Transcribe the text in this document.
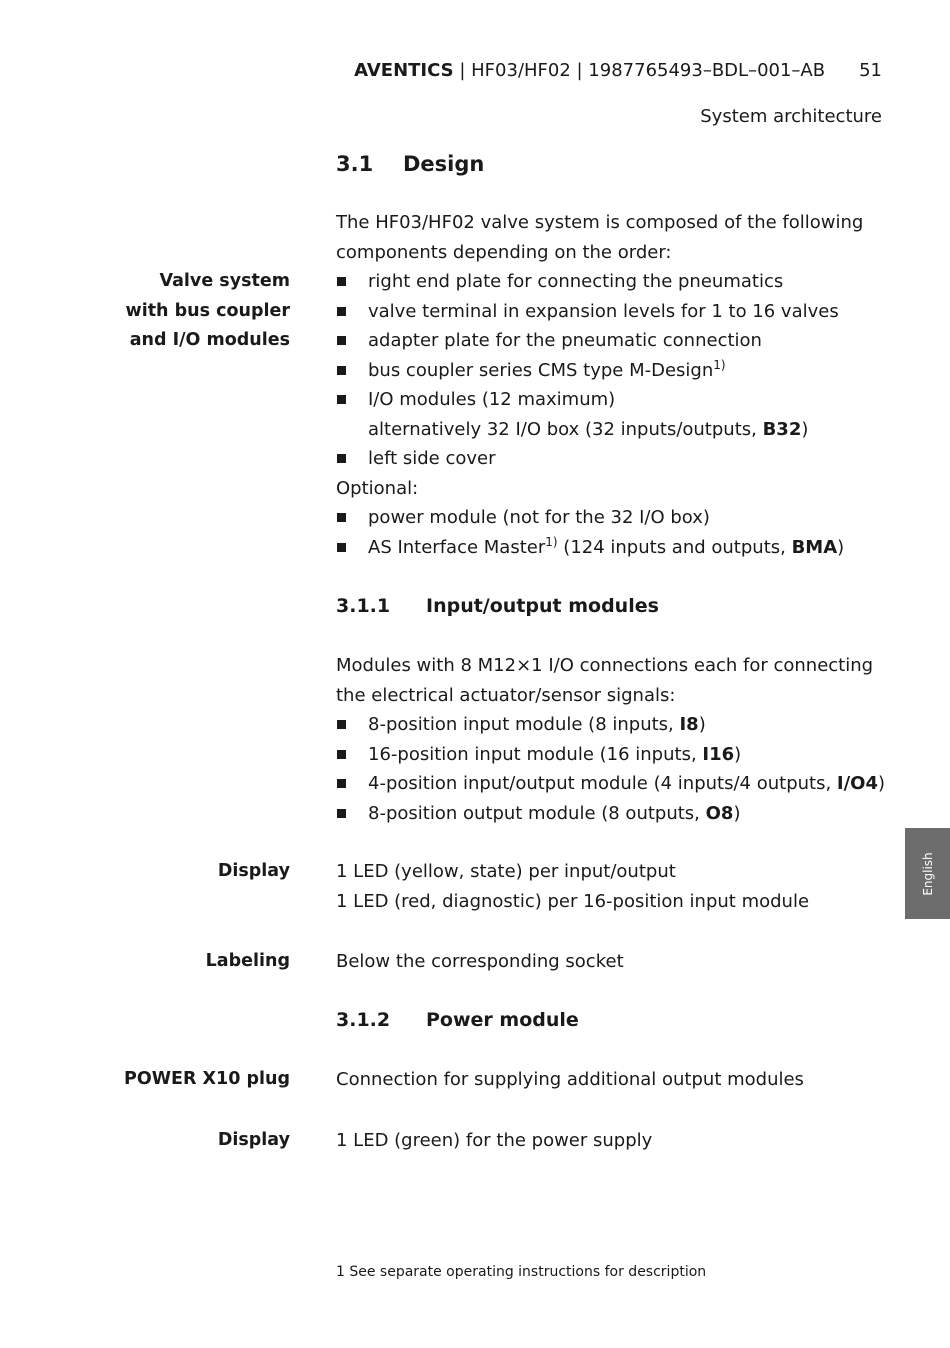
AVENTICS | HF03/HF02 | 1987765493–BDL–001–AB 51
System architecture
3.1 Design
The HF03/HF02 valve system is composed of the following
components depending on the order:
Valve system
with bus coupler
and I/O modules
right end plate for connecting the pneumatics
valve terminal in expansion levels for 1 to 16 valves
adapter plate for the pneumatic connection
bus coupler series CMS type M-Design$^{1)}$
I/O modules (12 maximum)
alternatively 32 I/O box (32 inputs/outputs, B32)
left side cover
Optional:
power module (not for the 32 I/O box)
AS Interface Master$^{1)}$ (124 inputs and outputs, BMA)
3.1.1 Input/output modules
Modules with 8 M12×1 I/O connections each for connecting
the electrical actuator/sensor signals:
8-position input module (8 inputs, I8)
16-position input module (16 inputs, I16)
4-position input/output module (4 inputs/4 outputs, I/O4)
8-position output module (8 outputs, O8)
Display	1 LED (yellow, state) per input/output
1 LED (red, diagnostic) per 16-position input module
Labeling	Below the corresponding socket
3.1.2 Power module
POWER X10 plug	Connection for supplying additional output modules
Display	1 LED (green) for the power supply
1 See separate operating instructions for description
English
